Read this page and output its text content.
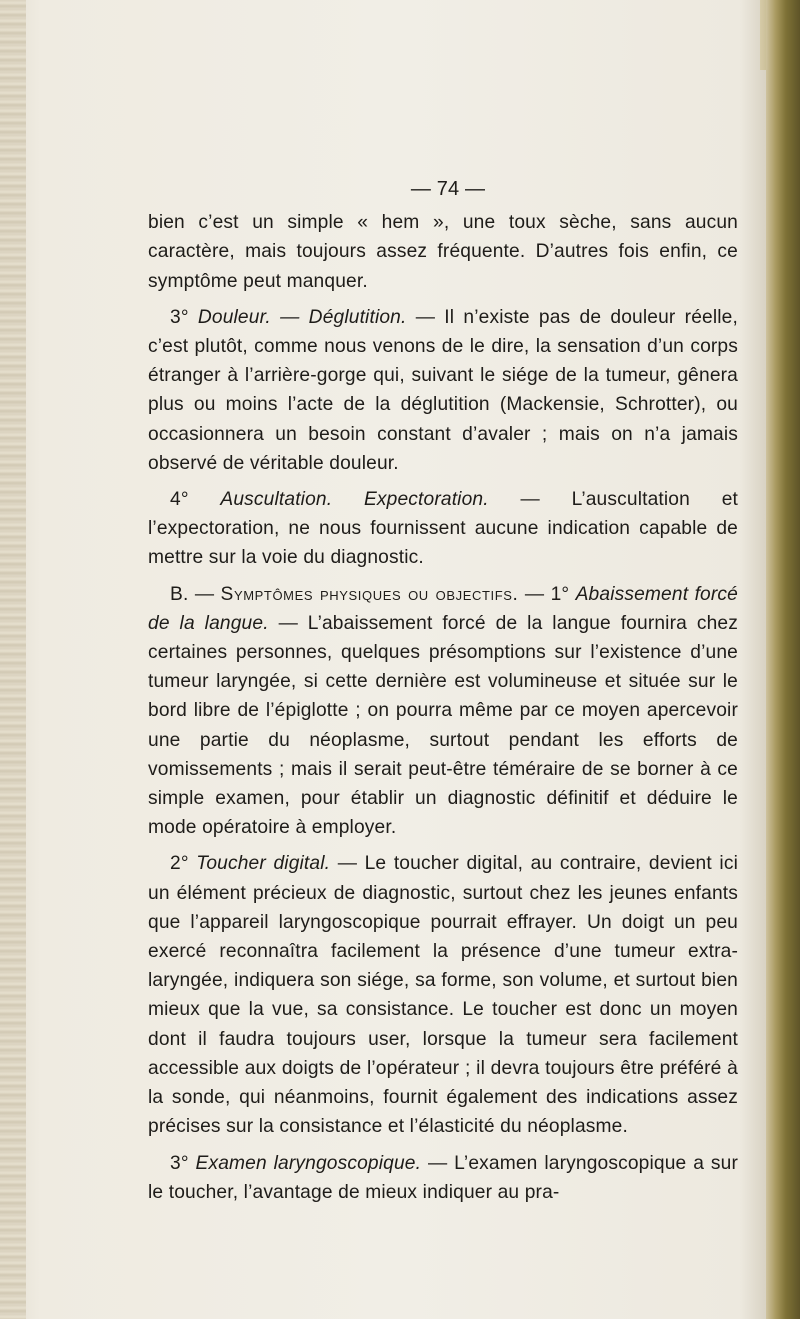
— 74 —

bien c’est un simple « hem », une toux sèche, sans aucun caractère, mais toujours assez fréquente. D’autres fois enfin, ce symptôme peut manquer.

3° Douleur. — Déglutition. — Il n’existe pas de douleur réelle, c’est plutôt, comme nous venons de le dire, la sensation d’un corps étranger à l’arrière-gorge qui, suivant le siége de la tumeur, gênera plus ou moins l’acte de la déglutition (Mackensie, Schrotter), ou occasionnera un besoin constant d’avaler ; mais on n’a jamais observé de véritable douleur.

4° Auscultation. Expectoration. — L’auscultation et l’expectoration, ne nous fournissent aucune indication capable de mettre sur la voie du diagnostic.

B. — Symptômes physiques ou objectifs. — 1° Abaissement forcé de la langue. — L’abaissement forcé de la langue fournira chez certaines personnes, quelques présomptions sur l’existence d’une tumeur laryngée, si cette dernière est volumineuse et située sur le bord libre de l’épiglotte ; on pourra même par ce moyen apercevoir une partie du néoplasme, surtout pendant les efforts de vomissements ; mais il serait peut-être téméraire de se borner à ce simple examen, pour établir un diagnostic définitif et déduire le mode opératoire à employer.

2° Toucher digital. — Le toucher digital, au contraire, devient ici un élément précieux de diagnostic, surtout chez les jeunes enfants que l’appareil laryngoscopique pourrait effrayer. Un doigt un peu exercé reconnaîtra facilement la présence d’une tumeur extra-laryngée, indiquera son siége, sa forme, son volume, et surtout bien mieux que la vue, sa consistance. Le toucher est donc un moyen dont il faudra toujours user, lorsque la tumeur sera facilement accessible aux doigts de l’opérateur ; il devra toujours être préféré à la sonde, qui néanmoins, fournit également des indications assez précises sur la consistance et l’élasticité du néoplasme.

3° Examen laryngoscopique. — L’examen laryngoscopique a sur le toucher, l’avantage de mieux indiquer au pra-
